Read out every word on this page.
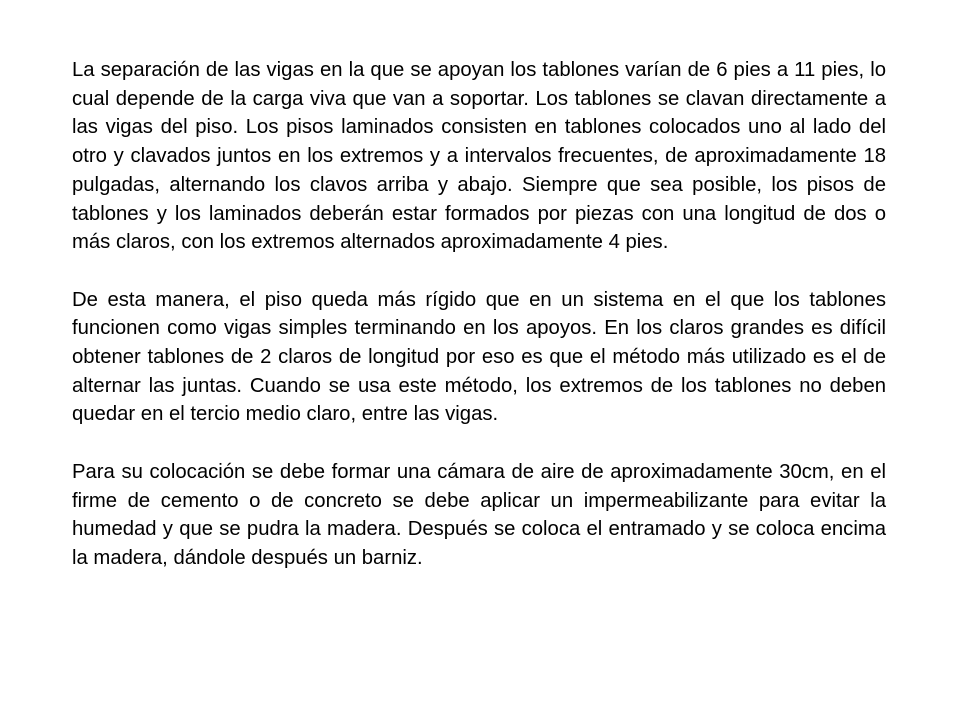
La separación de las vigas en la que se apoyan los tablones varían de 6 pies a 11 pies, lo cual depende de la carga viva que van a soportar. Los tablones se clavan directamente a las vigas del piso. Los pisos laminados consisten en tablones colocados uno al lado del otro y clavados juntos en los extremos y a intervalos frecuentes, de aproximadamente 18 pulgadas, alternando los clavos arriba y abajo. Siempre que sea posible, los pisos de tablones y los laminados deberán estar formados por piezas con una longitud de dos o más claros, con los extremos alternados aproximadamente 4 pies.

De esta manera, el piso queda más rígido que en un sistema en el que los tablones funcionen como vigas simples terminando en los apoyos. En los claros grandes es difícil obtener tablones de 2 claros de longitud por eso es que el método más utilizado es el de alternar las juntas. Cuando se usa este método, los extremos de los tablones no deben quedar en el tercio medio claro, entre las vigas.

Para su colocación se debe formar una cámara de aire de aproximadamente 30cm, en el firme de cemento o de concreto se debe aplicar un impermeabilizante para evitar la humedad y que se pudra la madera. Después se coloca el entramado y se coloca encima la madera, dándole después un barniz.
